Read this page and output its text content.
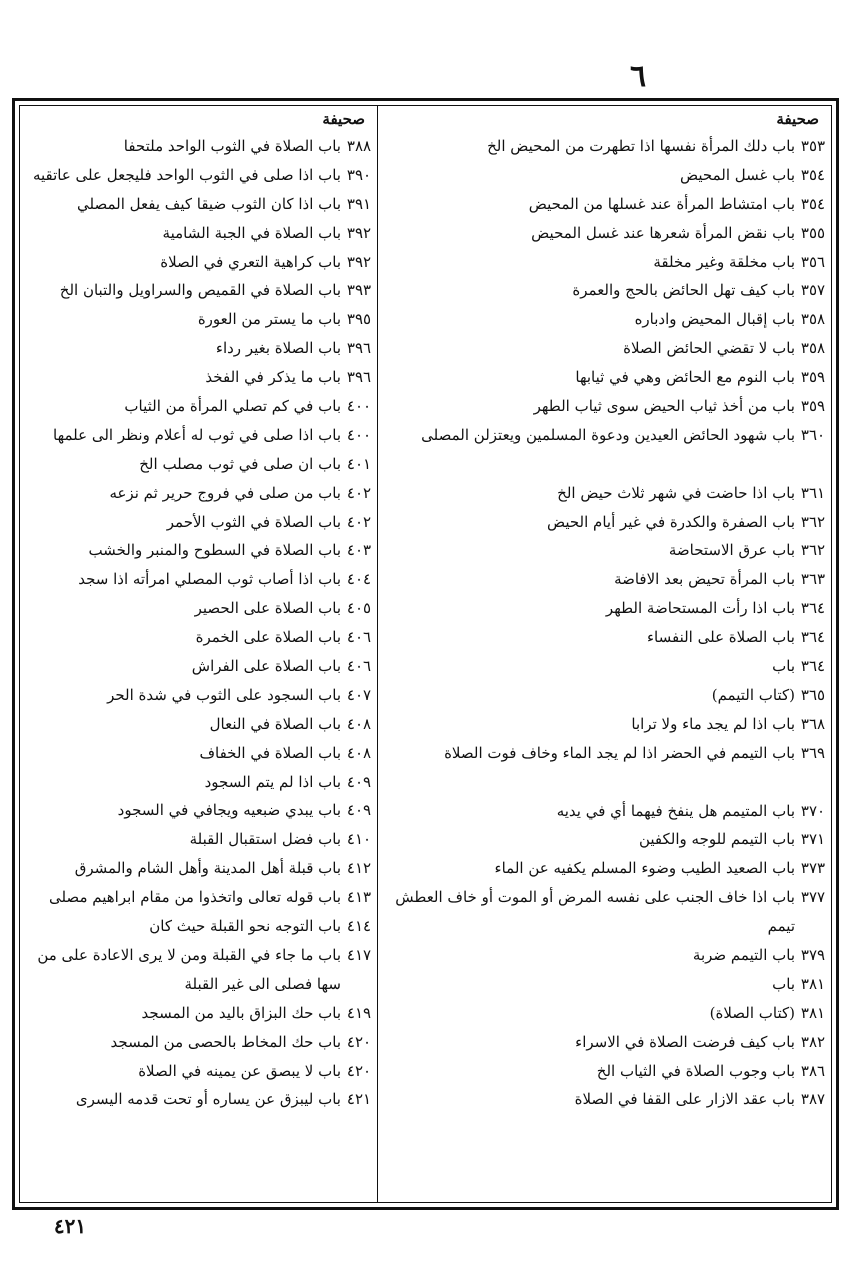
٦
صحيفة
٣٥٣
باب دلك المرأة نفسها اذا تطهرت من المحيض الخ
٣٥٤
باب غسل المحيض
٣٥٤
باب امتشاط المرأة عند غسلها من المحيض
٣٥٥
باب نقض المرأة شعرها عند غسل المحيض
٣٥٦
باب مخلقة وغير مخلقة
٣٥٧
باب كيف تهل الحائض بالحج والعمرة
٣٥٨
باب إقبال المحيض وادباره
٣٥٨
باب لا تقضي الحائض الصلاة
٣٥٩
باب النوم مع الحائض وهي في ثيابها
٣٥٩
باب من أخذ ثياب الحيض سوى ثياب الطهر
٣٦٠
باب شهود الحائض العيدين ودعوة المسلمين ويعتزلن المصلى
٣٦١
باب اذا حاضت في شهر ثلاث حيض الخ
٣٦٢
باب الصفرة والكدرة في غير أيام الحيض
٣٦٢
باب عرق الاستحاضة
٣٦٣
باب المرأة تحيض بعد الافاضة
٣٦٤
باب اذا رأت المستحاضة الطهر
٣٦٤
باب الصلاة على النفساء
٣٦٤
باب
٣٦٥
(كتاب التيمم)
٣٦٨
باب اذا لم يجد ماء ولا ترابا
٣٦٩
باب التيمم في الحضر اذا لم يجد الماء وخاف فوت الصلاة
٣٧٠
باب المتيمم هل ينفخ فيهما أي في يديه
٣٧١
باب التيمم للوجه والكفين
٣٧٣
باب الصعيد الطيب وضوء المسلم يكفيه عن الماء
٣٧٧
باب اذا خاف الجنب على نفسه المرض أو الموت أو خاف العطش تيمم
٣٧٩
باب التيمم ضربة
٣٨١
باب
٣٨١
(كتاب الصلاة)
٣٨٢
باب كيف فرضت الصلاة في الاسراء
٣٨٦
باب وجوب الصلاة في الثياب الخ
٣٨٧
باب عقد الازار على القفا في الصلاة
صحيفة
٣٨٨
باب الصلاة في الثوب الواحد ملتحفا
٣٩٠
باب اذا صلى في الثوب الواحد فليجعل على عاتقيه
٣٩١
باب اذا كان الثوب ضيقا كيف يفعل المصلي
٣٩٢
باب الصلاة في الجبة الشامية
٣٩٢
باب كراهية التعري في الصلاة
٣٩٣
باب الصلاة في القميص والسراويل والتبان الخ
٣٩٥
باب ما يستر من العورة
٣٩٦
باب الصلاة بغير رداء
٣٩٦
باب ما يذكر في الفخذ
٤٠٠
باب في كم تصلي المرأة من الثياب
٤٠٠
باب اذا صلى في ثوب له أعلام ونظر الى علمها
٤٠١
باب ان صلى في ثوب مصلب الخ
٤٠٢
باب من صلى في فروج حرير ثم نزعه
٤٠٢
باب الصلاة في الثوب الأحمر
٤٠٣
باب الصلاة في السطوح والمنبر والخشب
٤٠٤
باب اذا أصاب ثوب المصلي امرأته اذا سجد
٤٠٥
باب الصلاة على الحصير
٤٠٦
باب الصلاة على الخمرة
٤٠٦
باب الصلاة على الفراش
٤٠٧
باب السجود على الثوب في شدة الحر
٤٠٨
باب الصلاة في النعال
٤٠٨
باب الصلاة في الخفاف
٤٠٩
باب اذا لم يتم السجود
٤٠٩
باب يبدي ضبعيه ويجافي في السجود
٤١٠
باب فضل استقبال القبلة
٤١٢
باب قبلة أهل المدينة وأهل الشام والمشرق
٤١٣
باب قوله تعالى واتخذوا من مقام ابراهيم مصلى
٤١٤
باب التوجه نحو القبلة حيث كان
٤١٧
باب ما جاء في القبلة ومن لا يرى الاعادة على من سها فصلى الى غير القبلة
٤١٩
باب حك البزاق باليد من المسجد
٤٢٠
باب حك المخاط بالحصى من المسجد
٤٢٠
باب لا يبصق عن يمينه في الصلاة
٤٢١
باب ليبزق عن يساره أو تحت قدمه اليسرى
٤٢١
